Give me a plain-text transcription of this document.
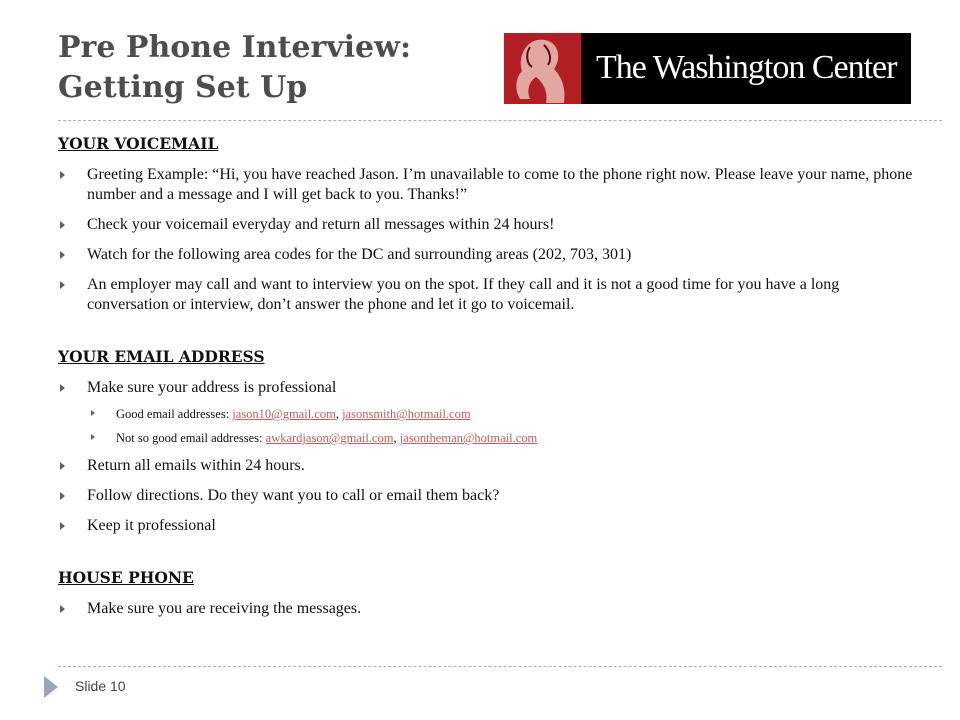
Pre Phone Interview:
Getting Set Up
The Washington Center
YOUR VOICEMAIL
Greeting Example: “Hi, you have reached Jason. I’m unavailable to come to the phone right now. Please leave your name, phone number and a message and I will get back to you. Thanks!”
Check your voicemail everyday and return all messages within 24 hours!
Watch for the following area codes for the DC and surrounding areas (202, 703, 301)
An employer may call and want to interview you on the spot. If they call and it is not a good time for you have a long conversation or interview, don’t answer the phone and let it go to voicemail.
YOUR EMAIL ADDRESS
Make sure your address is professional
Good email addresses: jason10@gmail.com, jasonsmith@hotmail.com
Not so good email addresses: awkardjason@gmail.com, jasontheman@hotmail.com
Return all emails within 24 hours.
Follow directions. Do they want you to call or email them back?
Keep it professional
HOUSE PHONE
Make sure you are receiving the messages.
Slide 10
